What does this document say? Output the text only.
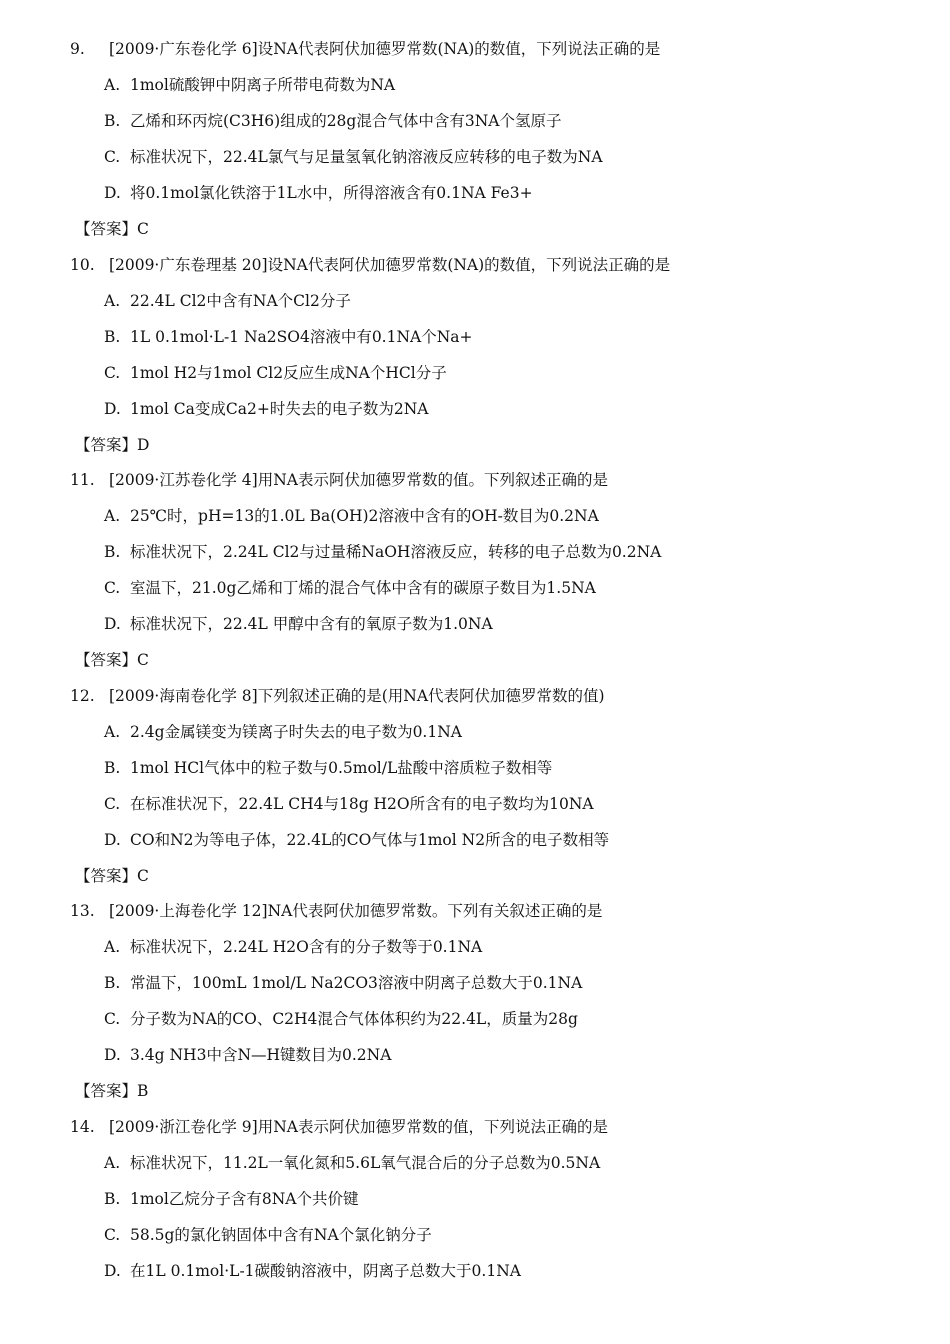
9. [2009·广东卷化学 6]设NA代表阿伏加德罗常数(NA)的数值，下列说法正确的是
A. 1mol硫酸钾中阴离子所带电荷数为NA
B. 乙烯和环丙烷(C3H6)组成的28g混合气体中含有3NA个氢原子
C. 标准状况下，22.4L氯气与足量氢氧化钠溶液反应转移的电子数为NA
D. 将0.1mol氯化铁溶于1L水中，所得溶液含有0.1NA Fe3+
【答案】C
10. [2009·广东卷理基 20]设NA代表阿伏加德罗常数(NA)的数值，下列说法正确的是
A. 22.4L Cl2中含有NA个Cl2分子
B. 1L 0.1mol·L-1 Na2SO4溶液中有0.1NA个Na+
C. 1mol H2与1mol Cl2反应生成NA个HCl分子
D. 1mol Ca变成Ca2+时失去的电子数为2NA
【答案】D
11. [2009·江苏卷化学 4]用NA表示阿伏加德罗常数的值。下列叙述正确的是
A. 25℃时，pH=13的1.0L Ba(OH)2溶液中含有的OH-数目为0.2NA
B. 标准状况下，2.24L Cl2与过量稀NaOH溶液反应，转移的电子总数为0.2NA
C. 室温下，21.0g乙烯和丁烯的混合气体中含有的碳原子数目为1.5NA
D. 标准状况下，22.4L 甲醇中含有的氧原子数为1.0NA
【答案】C
12. [2009·海南卷化学 8]下列叙述正确的是(用NA代表阿伏加德罗常数的值)
A. 2.4g金属镁变为镁离子时失去的电子数为0.1NA
B. 1mol HCl气体中的粒子数与0.5mol/L盐酸中溶质粒子数相等
C. 在标准状况下，22.4L CH4与18g H2O所含有的电子数均为10NA
D. CO和N2为等电子体，22.4L的CO气体与1mol N2所含的电子数相等
【答案】C
13. [2009·上海卷化学 12]NA代表阿伏加德罗常数。下列有关叙述正确的是
A. 标准状况下，2.24L H2O含有的分子数等于0.1NA
B. 常温下，100mL 1mol/L Na2CO3溶液中阴离子总数大于0.1NA
C. 分子数为NA的CO、C2H4混合气体体积约为22.4L，质量为28g
D. 3.4g NH3中含N—H键数目为0.2NA
【答案】B
14. [2009·浙江卷化学 9]用NA表示阿伏加德罗常数的值，下列说法正确的是
A. 标准状况下，11.2L一氧化氮和5.6L氧气混合后的分子总数为0.5NA
B. 1mol乙烷分子含有8NA个共价键
C. 58.5g的氯化钠固体中含有NA个氯化钠分子
D. 在1L 0.1mol·L-1碳酸钠溶液中，阴离子总数大于0.1NA
